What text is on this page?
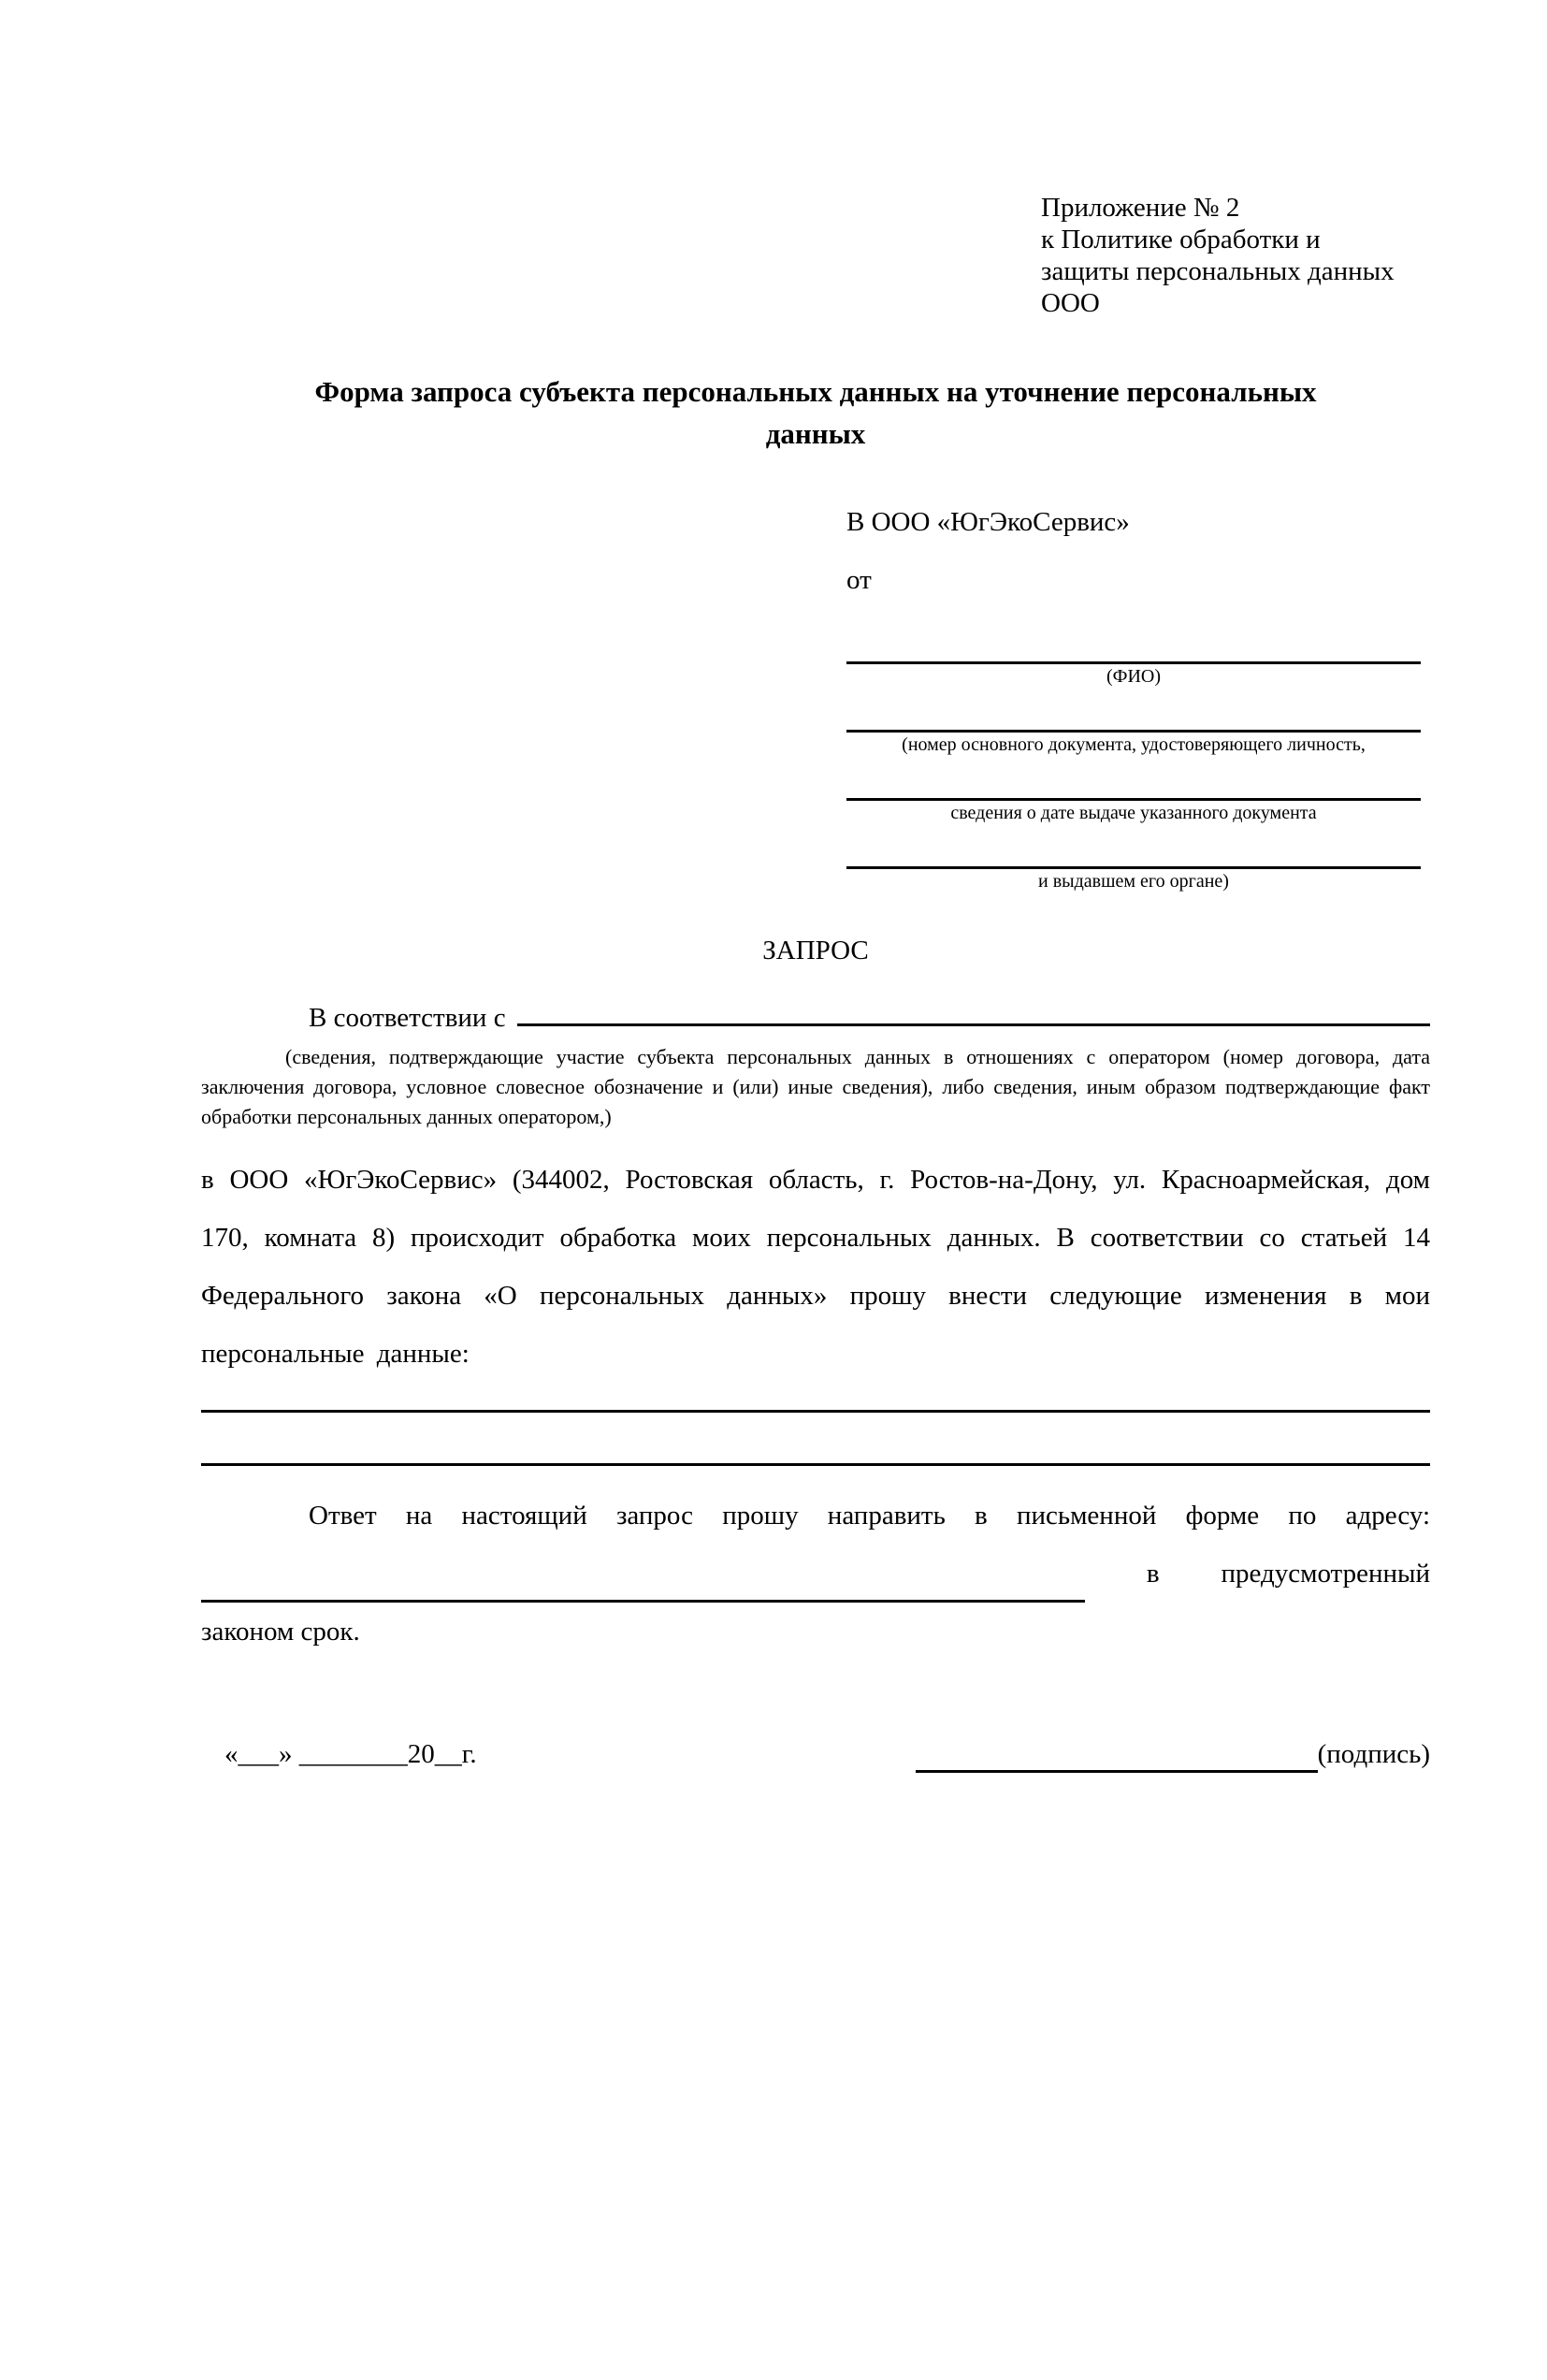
Приложение № 2
к Политике обработки и
защиты персональных данных
ООО
Форма запроса субъекта персональных данных на уточнение персональных данных
В ООО «ЮгЭкоСервис»
от
(ФИО)
(номер основного документа, удостоверяющего личность,
сведения о дате выдаче указанного документа
и выдавшем его органе)
ЗАПРОС
В соответствии с

(сведения, подтверждающие участие субъекта персональных данных в отношениях с оператором (номер договора, дата заключения договора, условное словесное обозначение и (или) иные сведения), либо сведения, иным образом подтверждающие факт обработки персональных данных оператором,)

в ООО «ЮгЭкоСервис» (344002, Ростовская область, г. Ростов-на-Дону, ул. Красноармейская, дом 170, комната 8) происходит обработка моих персональных данных. В соответствии со статьей 14 Федерального закона «О персональных данных» прошу внести следующие изменения в мои персональные данные:

Ответ на настоящий запрос прошу направить в письменной форме по адресу:

в предусмотренный

законом срок.

«___» ________20__г.	(подпись)
